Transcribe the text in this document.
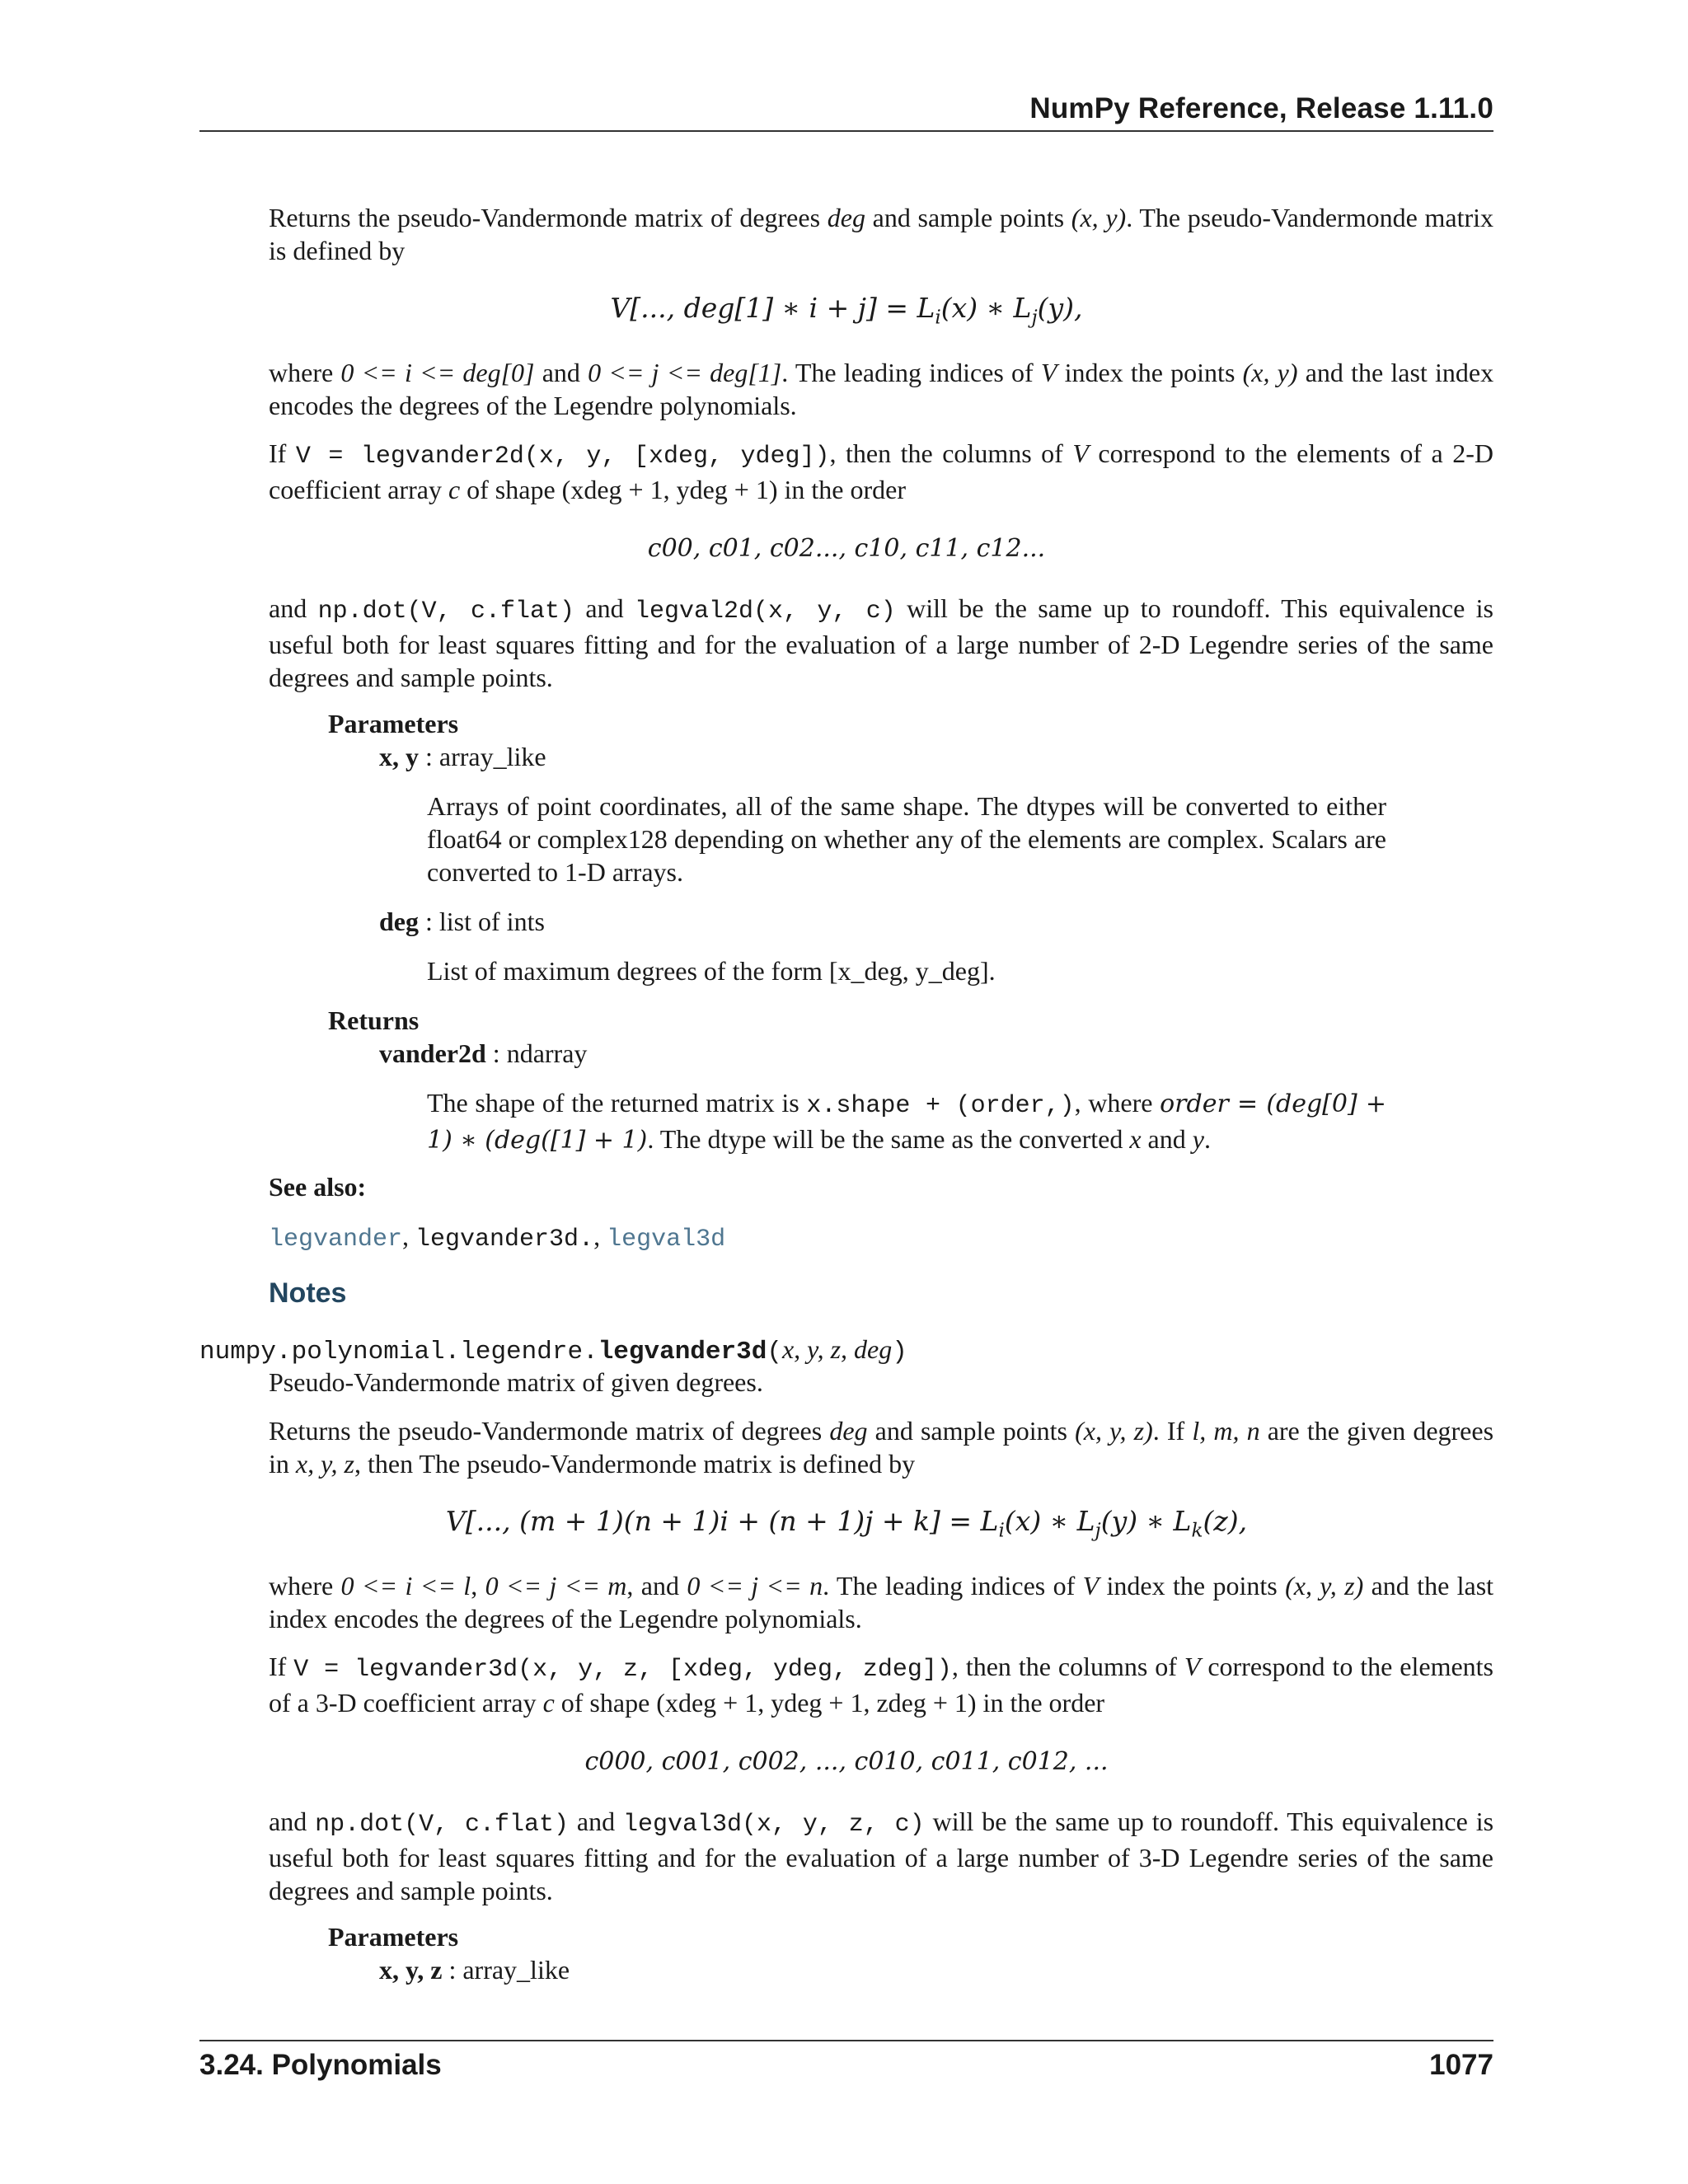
NumPy Reference, Release 1.11.0

Returns the pseudo-Vandermonde matrix of degrees deg and sample points (x, y). The pseudo-Vandermonde matrix is defined by

V[..., deg[1] ∗ $i + j] = L_i(x)$ ∗ $L_j(y)$,

where 0 <= i <= deg[0] and 0 <= j <= deg[1]. The leading indices of V index the points (x, y) and the last index encodes the degrees of the Legendre polynomials.

If V = legvander2d(x, y, [xdeg, ydeg]), then the columns of V correspond to the elements of a 2-D coefficient array c of shape (xdeg + 1, ydeg + 1) in the order

c00, c01, c02..., c10, c11, c12...

and np.dot(V, c.flat) and legval2d(x, y, c) will be the same up to roundoff. This equivalence is useful both for least squares fitting and for the evaluation of a large number of 2-D Legendre series of the same degrees and sample points.

Parameters
x, y : array_like

Arrays of point coordinates, all of the same shape. The dtypes will be converted to either float64 or complex128 depending on whether any of the elements are complex. Scalars are converted to 1-D arrays.

deg : list of ints

List of maximum degrees of the form [x_deg, y_deg].

Returns
vander2d : ndarray

The shape of the returned matrix is x.shape + (order,), where order = (deg[0] + 1) ∗ (deg([1] + 1). The dtype will be the same as the converted x and y.

See also:
legvander, legvander3d., legval3d
Notes
numpy.polynomial.legendre.legvander3d(x, y, z, deg)

Pseudo-Vandermonde matrix of given degrees.

Returns the pseudo-Vandermonde matrix of degrees deg and sample points (x, y, z). If l, m, n are the given degrees in x, y, z, then The pseudo-Vandermonde matrix is defined by

V[..., $(m + 1)(n + 1)i + (n + 1)j + k] = L_i(x)$ ∗ $L_j(y)$ ∗ $L_k(z)$,

where 0 <= i <= l, 0 <= j <= m, and 0 <= j <= n. The leading indices of V index the points (x, y, z) and the last index encodes the degrees of the Legendre polynomials.

If V = legvander3d(x, y, z, [xdeg, ydeg, zdeg]), then the columns of V correspond to the elements of a 3-D coefficient array c of shape (xdeg + 1, ydeg + 1, zdeg + 1) in the order

c000, c001, c002, ..., c010, c011, c012, ...

and np.dot(V, c.flat) and legval3d(x, y, z, c) will be the same up to roundoff. This equivalence is useful both for least squares fitting and for the evaluation of a large number of 3-D Legendre series of the same degrees and sample points.

Parameters
x, y, z : array_like
3.24. Polynomials	1077
